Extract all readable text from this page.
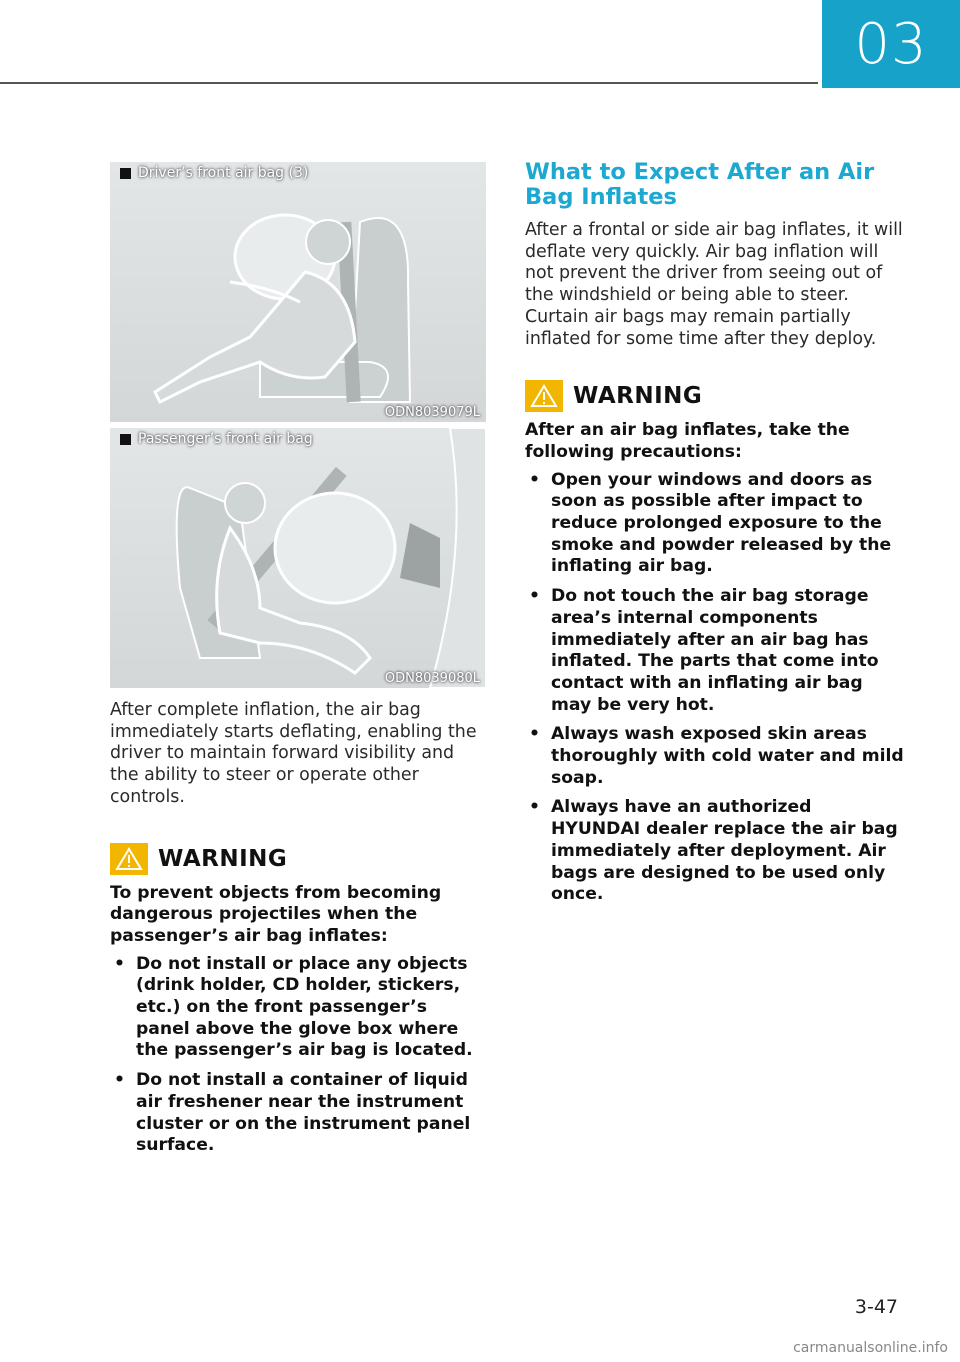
03
Driver’s front air bag (3)
ODN8039079L
Passenger’s front air bag
ODN8039080L

After complete inflation, the air bag immediately starts deflating, enabling the driver to maintain forward visibility and the ability to steer or operate other controls.

WARNING
To prevent objects from becoming dangerous projectiles when the passenger’s air bag inflates:
• Do not install or place any objects (drink holder, CD holder, stickers, etc.) on the front passenger’s panel above the glove box where the passenger’s air bag is located.
• Do not install a container of liquid air freshener near the instrument cluster or on the instrument panel surface.
What to Expect After an Air Bag Inflates

After a frontal or side air bag inflates, it will deflate very quickly. Air bag inflation will not prevent the driver from seeing out of the windshield or being able to steer. Curtain air bags may remain partially inflated for some time after they deploy.

WARNING
After an air bag inflates, take the following precautions:
• Open your windows and doors as soon as possible after impact to reduce prolonged exposure to the smoke and powder released by the inflating air bag.
• Do not touch the air bag storage area’s internal components immediately after an air bag has inflated. The parts that come into contact with an inflating air bag may be very hot.
• Always wash exposed skin areas thoroughly with cold water and mild soap.
• Always have an authorized HYUNDAI dealer replace the air bag immediately after deployment. Air bags are designed to be used only once.
3-47
carmanualsonline.info
